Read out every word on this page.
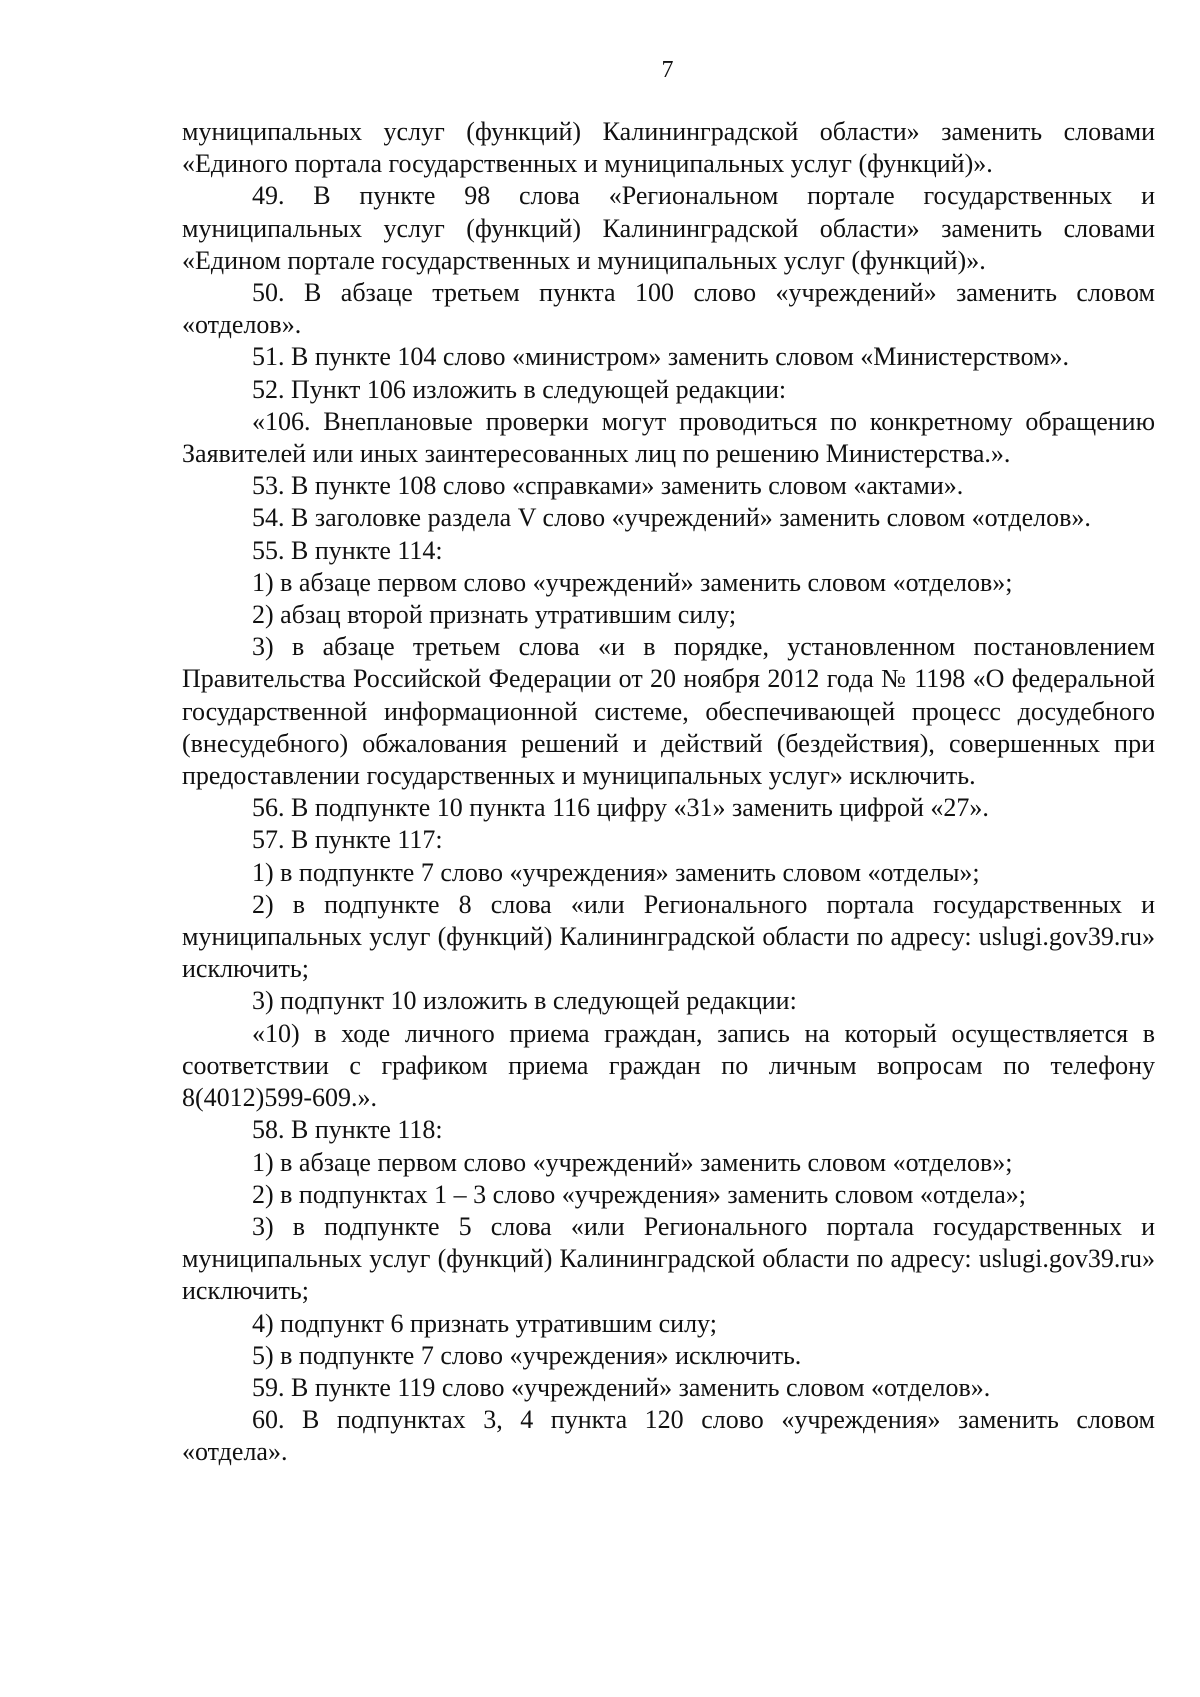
7

муниципальных услуг (функций) Калининградской области» заменить словами «Единого портала государственных и муниципальных услуг (функций)».

49. В пункте 98 слова «Региональном портале государственных и муниципальных услуг (функций) Калининградской области» заменить словами «Едином портале государственных и муниципальных услуг (функций)».

50. В абзаце третьем пункта 100 слово «учреждений» заменить словом «отделов».

51. В пункте 104 слово «министром» заменить словом «Министерством».

52. Пункт 106 изложить в следующей редакции:

«106. Внеплановые проверки могут проводиться по конкретному обращению Заявителей или иных заинтересованных лиц по решению Министерства.».

53. В пункте 108 слово «справками» заменить словом «актами».

54. В заголовке раздела V слово «учреждений» заменить словом «отделов».

55. В пункте 114:

1) в абзаце первом слово «учреждений» заменить словом «отделов»;

2) абзац второй признать утратившим силу;

3) в абзаце третьем слова «и в порядке, установленном постановлением Правительства Российской Федерации от 20 ноября 2012 года № 1198 «О федеральной государственной информационной системе, обеспечивающей процесс досудебного (внесудебного) обжалования решений и действий (бездействия), совершенных при предоставлении государственных и муниципальных услуг» исключить.

56. В подпункте 10 пункта 116 цифру «31» заменить цифрой «27».

57. В пункте 117:

1) в подпункте 7 слово «учреждения» заменить словом «отделы»;

2) в подпункте 8 слова «или Регионального портала государственных и муниципальных услуг (функций) Калининградской области по адресу: uslugi.gov39.ru» исключить;

3) подпункт 10 изложить в следующей редакции:

«10) в ходе личного приема граждан, запись на который осуществляется в соответствии с графиком приема граждан по личным вопросам по телефону 8(4012)599-609.».

58. В пункте 118:

1) в абзаце первом слово «учреждений» заменить словом «отделов»;

2) в подпунктах 1 – 3 слово «учреждения» заменить словом «отдела»;

3) в подпункте 5 слова «или Регионального портала государственных и муниципальных услуг (функций) Калининградской области по адресу: uslugi.gov39.ru» исключить;

4) подпункт 6 признать утратившим силу;

5) в подпункте 7 слово «учреждения» исключить.

59. В пункте 119 слово «учреждений» заменить словом «отделов».

60. В подпунктах 3, 4 пункта 120 слово «учреждения» заменить словом «отдела».
